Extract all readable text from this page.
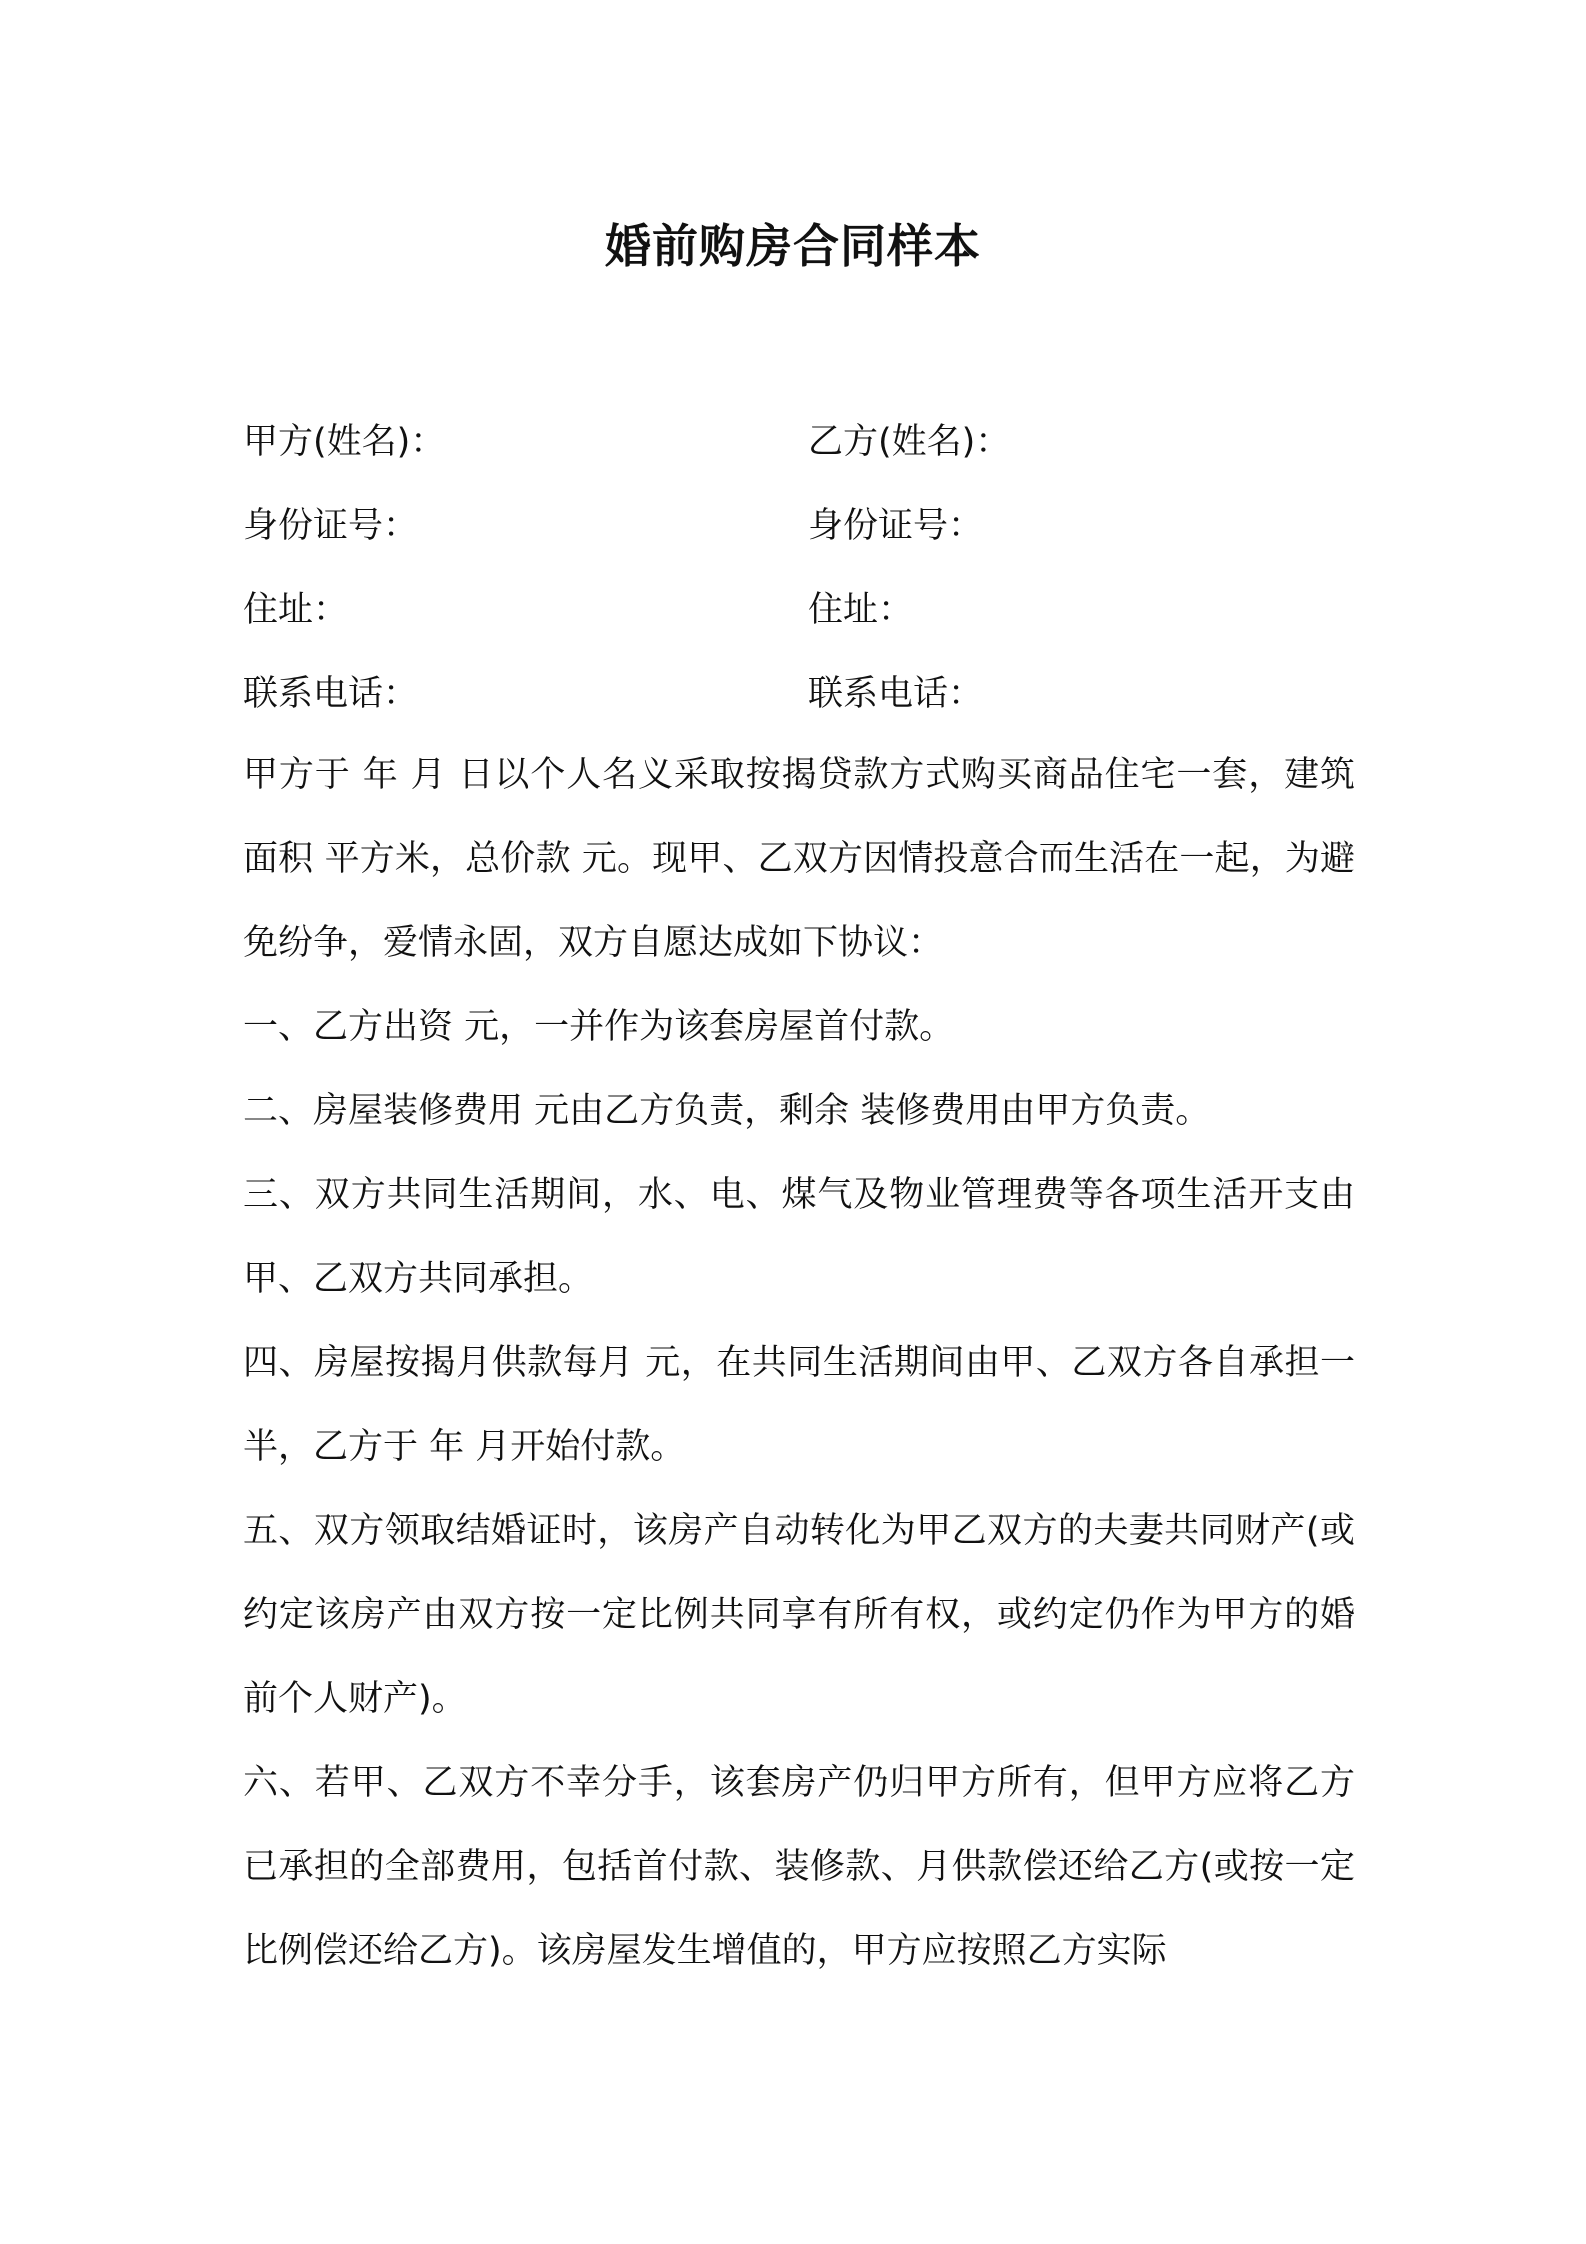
婚前购房合同样本
甲方(姓名)：	乙方(姓名)：
身份证号：	身份证号：
住址：	住址：
联系电话：	联系电话：

甲方于 年 月 日以个人名义采取按揭贷款方式购买商品住宅一套，建筑面积 平方米，总价款 元。现甲、乙双方因情投意合而生活在一起，为避免纷争，爱情永固，双方自愿达成如下协议：

一、乙方出资 元，一并作为该套房屋首付款。

二、房屋装修费用 元由乙方负责，剩余 装修费用由甲方负责。

三、双方共同生活期间，水、电、煤气及物业管理费等各项生活开支由甲、乙双方共同承担。

四、房屋按揭月供款每月 元，在共同生活期间由甲、乙双方各自承担一半，乙方于 年 月开始付款。

五、双方领取结婚证时，该房产自动转化为甲乙双方的夫妻共同财产(或约定该房产由双方按一定比例共同享有所有权，或约定仍作为甲方的婚前个人财产)。

六、若甲、乙双方不幸分手，该套房产仍归甲方所有，但甲方应将乙方已承担的全部费用，包括首付款、装修款、月供款偿还给乙方(或按一定比例偿还给乙方)。该房屋发生增值的，甲方应按照乙方实际
